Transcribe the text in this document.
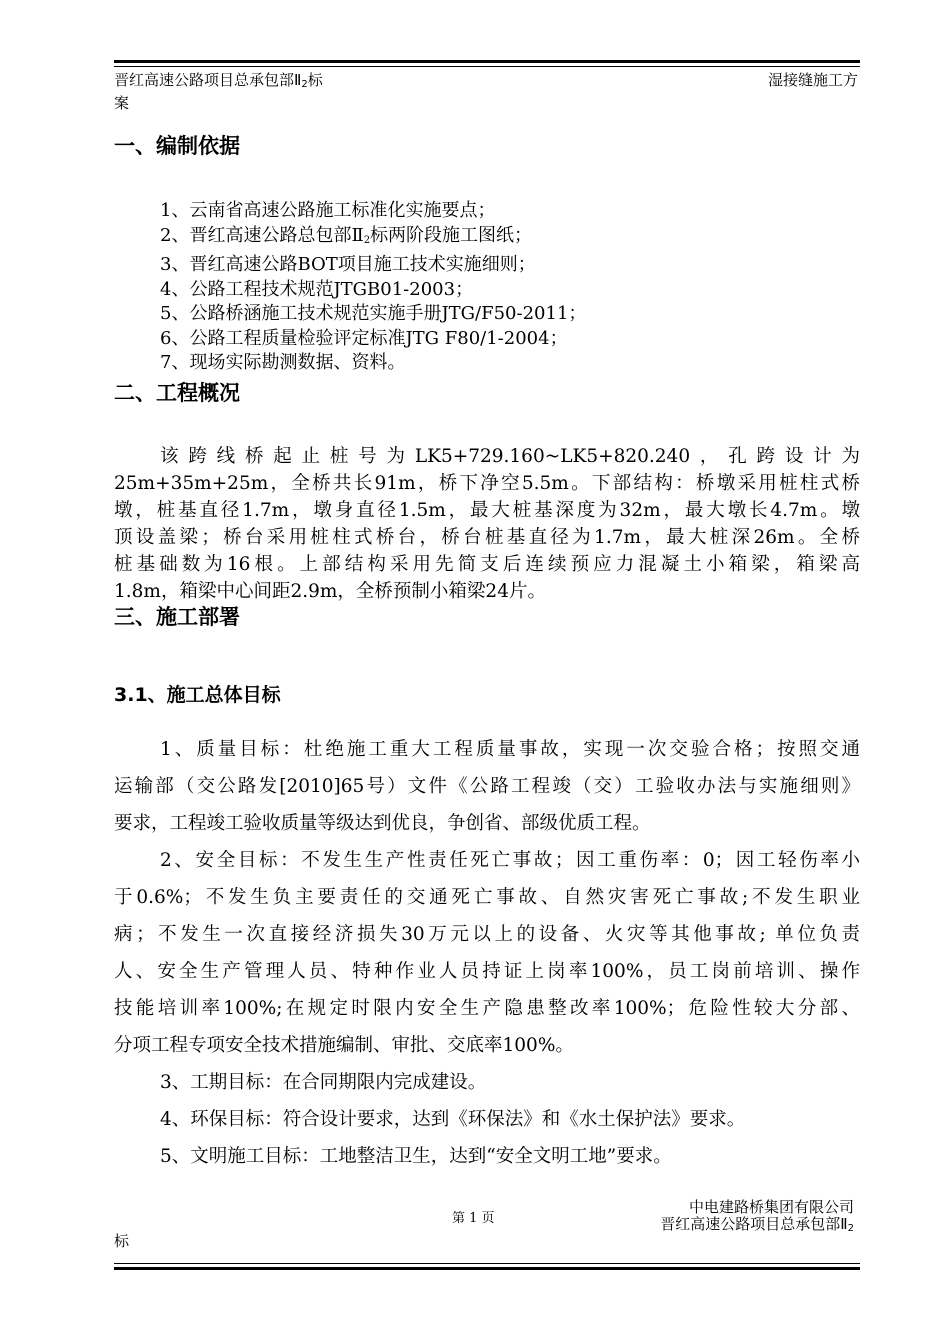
晋红高速公路项目总承包部$Ⅱ_2$标
案
湿接缝施工方
一、编制依据
1、云南省高速公路施工标准化实施要点；
2、晋红高速公路总包部$Ⅱ_2$标两阶段施工图纸；
3、晋红高速公路BOT项目施工技术实施细则；
4、公路工程技术规范JTGB01-2003；
5、公路桥涵施工技术规范实施手册JTG/F50-2011；
6、公路工程质量检验评定标准JTG F80/1-2004；
7、现场实际勘测数据、资料。
二、工程概况
该跨线桥起止桩号为LK5+729.160~LK5+820.240，孔跨设计为
25m+35m+25m，全桥共长91m，桥下净空5.5m。下部结构：桥墩采用桩柱式桥
墩，桩基直径1.7m，墩身直径1.5m，最大桩基深度为32m，最大墩长4.7m。墩
顶设盖梁；桥台采用桩柱式桥台，桥台桩基直径为1.7m，最大桩深26m。全桥
桩基础数为16根。上部结构采用先简支后连续预应力混凝土小箱梁，箱梁高
1.8m，箱梁中心间距2.9m，全桥预制小箱梁24片。
三、施工部署
3.1、施工总体目标
1、质量目标：杜绝施工重大工程质量事故，实现一次交验合格；按照交通
运输部（交公路发[2010]65号）文件《公路工程竣（交）工验收办法与实施细则》
要求，工程竣工验收质量等级达到优良，争创省、部级优质工程。
2、安全目标：不发生生产性责任死亡事故；因工重伤率：0；因工轻伤率小
于0.6%；不发生负主要责任的交通死亡事故、自然灾害死亡事故;不发生职业
病；不发生一次直接经济损失30万元以上的设备、火灾等其他事故; 单位负责
人、安全生产管理人员、特种作业人员持证上岗率100%，员工岗前培训、操作
技能培训率100%;在规定时限内安全生产隐患整改率100%；危险性较大分部、
分项工程专项安全技术措施编制、审批、交底率100%。
3、工期目标：在合同期限内完成建设。
4、环保目标：符合设计要求，达到《环保法》和《水土保护法》要求。
5、文明施工目标：工地整洁卫生，达到“安全文明工地”要求。
第 1 页
中电建路桥集团有限公司
晋红高速公路项目总承包部$Ⅱ_2$
标
